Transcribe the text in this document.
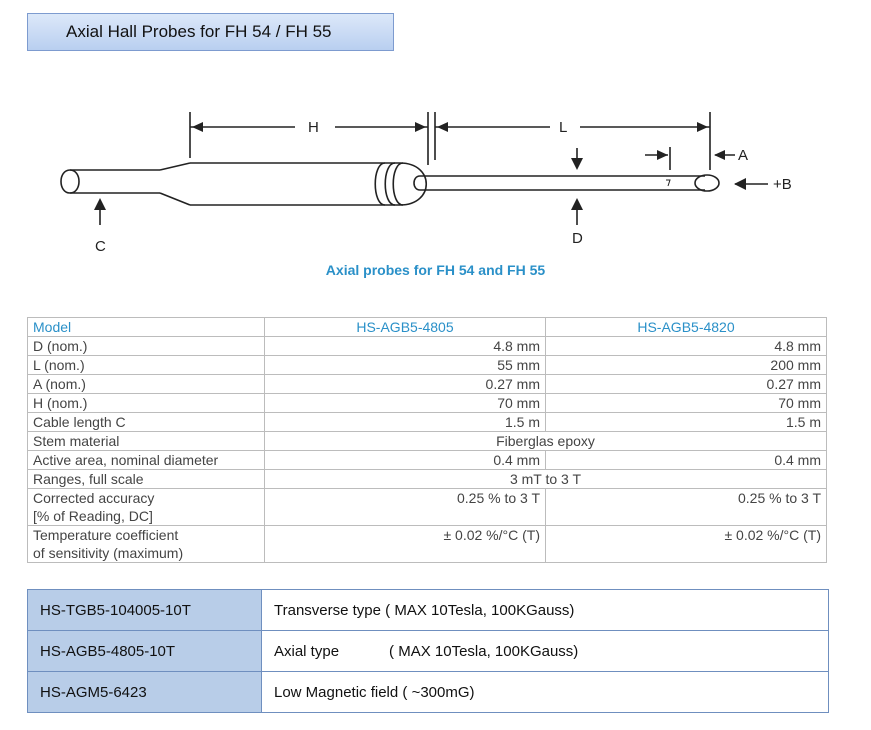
Axial Hall Probes for FH 54 / FH 55
H	L
A
+B
C	D
Axial probes for FH 54 and FH 55
Model	HS-AGB5-4805	HS-AGB5-4820
D (nom.)	4.8 mm	4.8 mm
L (nom.)	55 mm	200 mm
A (nom.)	0.27 mm	0.27 mm
H (nom.)	70 mm	70 mm
Cable length C	1.5 m	1.5 m
Stem material	Fiberglas epoxy	
Active area, nominal diameter	0.4 mm	0.4 mm
Ranges, full scale	3 mT to 3 T	

Corrected accuracy
[% of Reading, DC]	0.25 % to 3 T	0.25 % to 3 T

Temperature coefficient
of sensitivity (maximum)	± 0.02 %/°C (T)	± 0.02 %/°C (T)
HS-TGB5-104005-10T	Transverse type ( MAX 10Tesla, 100KGauss)
HS-AGB5-4805-10T	Axial type ( MAX 10Tesla, 100KGauss)
HS-AGM5-6423	Low Magnetic field ( ~300mG)
